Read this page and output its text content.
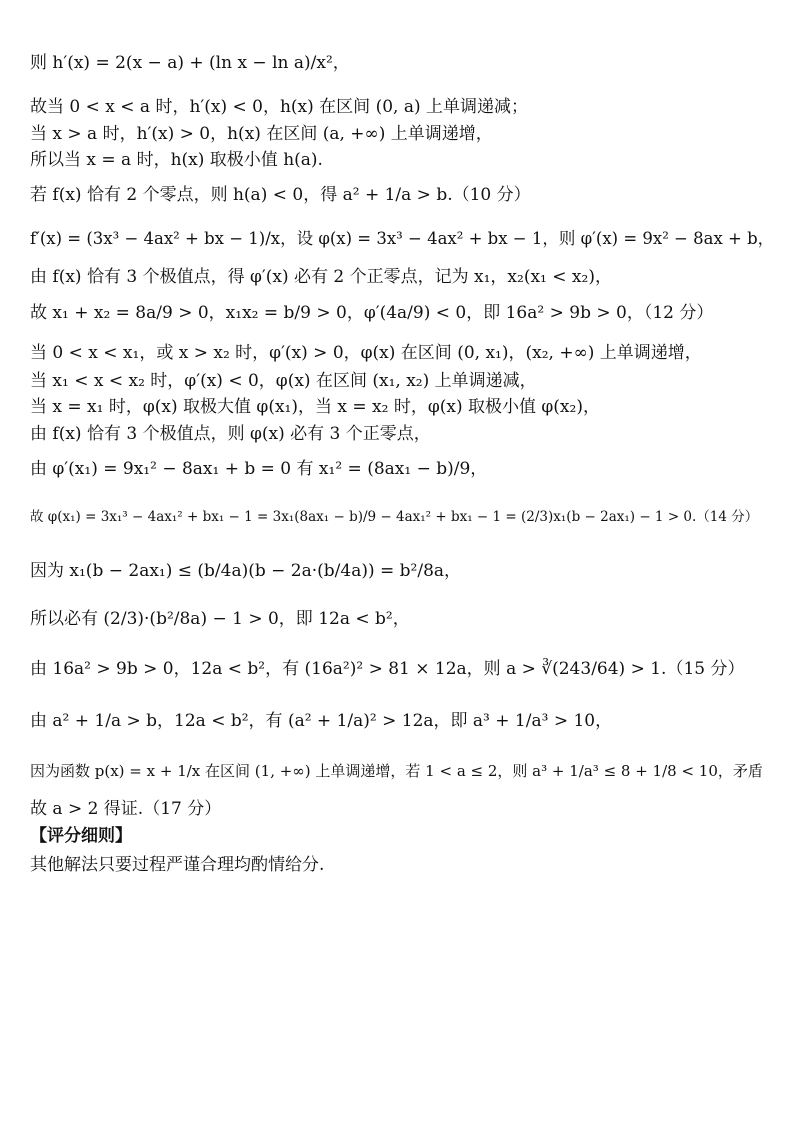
则 h′(x) = 2(x − a) + (ln x − ln a)/x²，
故当 0 < x < a 时，h′(x) < 0，h(x) 在区间 (0, a) 上单调递减；
当 x > a 时，h′(x) > 0，h(x) 在区间 (a, +∞) 上单调递增，
所以当 x = a 时，h(x) 取极小值 h(a).
若 f(x) 恰有 2 个零点，则 h(a) < 0，得 a² + 1/a > b.（10 分）
f′(x) = (3x³ − 4ax² + bx − 1)/x，设 φ(x) = 3x³ − 4ax² + bx − 1，则 φ′(x) = 9x² − 8ax + b，
由 f(x) 恰有 3 个极值点，得 φ′(x) 必有 2 个正零点，记为 x₁，x₂(x₁ < x₂)，
故 x₁ + x₂ = 8a/9 > 0，x₁x₂ = b/9 > 0，φ′(4a/9) < 0，即 16a² > 9b > 0，（12 分）
当 0 < x < x₁，或 x > x₂ 时，φ′(x) > 0，φ(x) 在区间 (0, x₁)，(x₂, +∞) 上单调递增，
当 x₁ < x < x₂ 时，φ′(x) < 0，φ(x) 在区间 (x₁, x₂) 上单调递减，
当 x = x₁ 时，φ(x) 取极大值 φ(x₁)，当 x = x₂ 时，φ(x) 取极小值 φ(x₂)，
由 f(x) 恰有 3 个极值点，则 φ(x) 必有 3 个正零点，
由 φ′(x₁) = 9x₁² − 8ax₁ + b = 0 有 x₁² = (8ax₁ − b)/9，
故 φ(x₁) = 3x₁³ − 4ax₁² + bx₁ − 1 = 3x₁(8ax₁ − b)/9 − 4ax₁² + bx₁ − 1 = (2/3)x₁(b − 2ax₁) − 1 > 0.（14 分）
因为 x₁(b − 2ax₁) ≤ (b/4a)(b − 2a·(b/4a)) = b²/8a，
所以必有 (2/3)·(b²/8a) − 1 > 0，即 12a < b²，
由 16a² > 9b > 0，12a < b²，有 (16a²)² > 81 × 12a，则 a > ∛(243/64) > 1.（15 分）
由 a² + 1/a > b，12a < b²，有 (a² + 1/a)² > 12a，即 a³ + 1/a³ > 10，
因为函数 p(x) = x + 1/x 在区间 (1, +∞) 上单调递增，若 1 < a ≤ 2，则 a³ + 1/a³ ≤ 8 + 1/8 < 10，矛盾
故 a > 2 得证.（17 分）
【评分细则】
其他解法只要过程严谨合理均酌情给分.
